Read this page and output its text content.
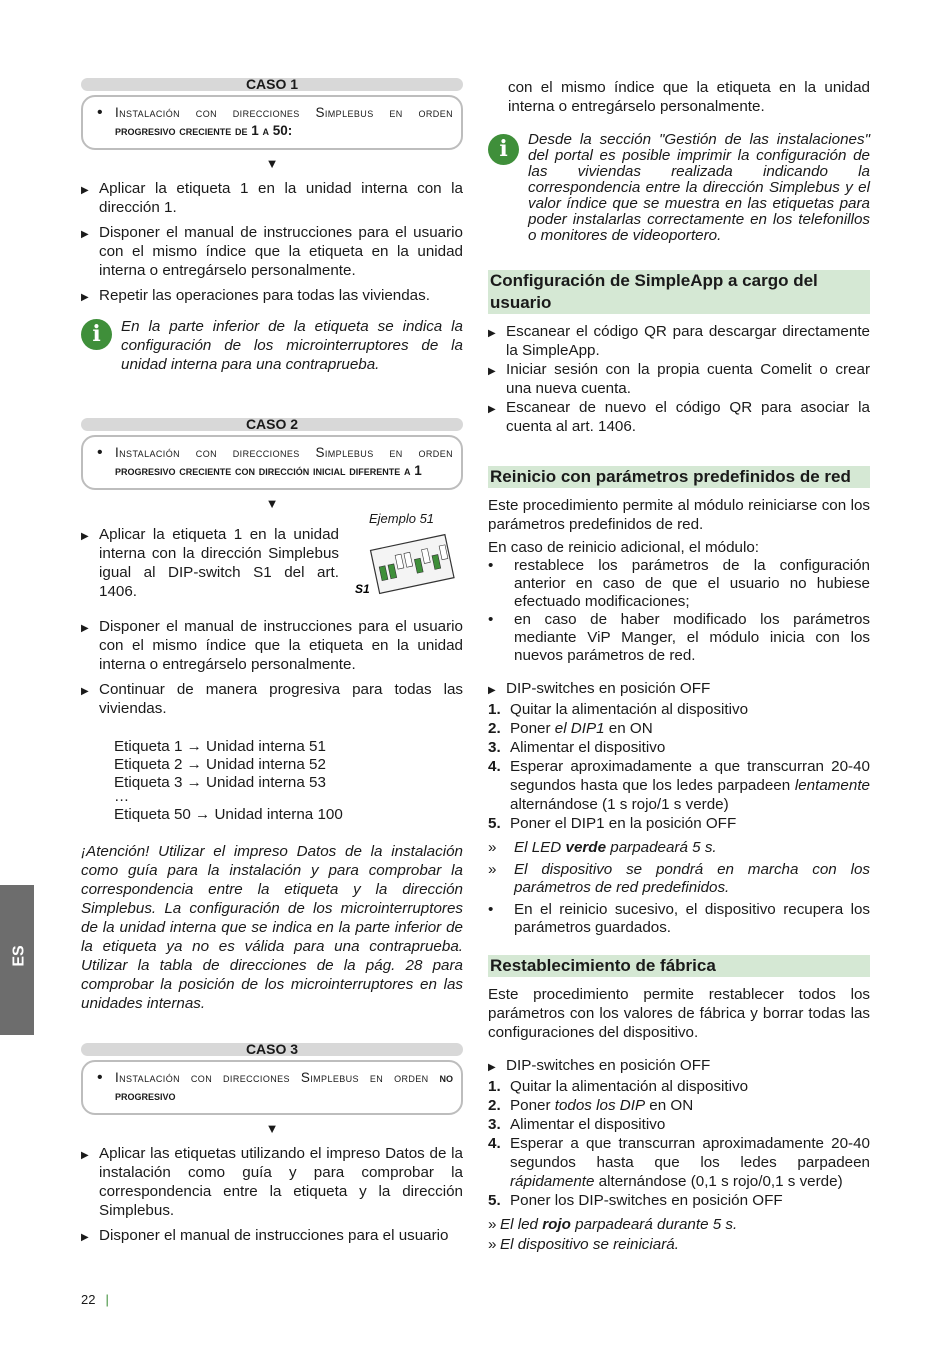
ES
CASO 1
• Instalación con direcciones Simplebus en orden progresivo creciente de 1 a 50:
▼
▶ Aplicar la etiqueta 1 en la unidad interna con la dirección 1.
▶ Disponer el manual de instrucciones para el usuario con el mismo índice que la etiqueta en la unidad interna o entregárselo personalmente.
▶ Repetir las operaciones para todas las viviendas.
i	En la parte inferior de la etiqueta se indica la configuración de los microinterruptores de la unidad interna para una contraprueba.
CASO 2
• Instalación con direcciones Simplebus en orden progresivo creciente con dirección inicial diferente a 1
▼
▶ Aplicar la etiqueta 1 en la unidad interna con la dirección Simplebus igual al DIP-switch S1 del art. 1406.
Ejemplo 51
S1
▶ Disponer el manual de instrucciones para el usuario con el mismo índice que la etiqueta en la unidad interna o entregárselo personalmente.
▶ Continuar de manera progresiva para todas las viviendas.
Etiqueta 1 → Unidad interna 51
Etiqueta 2 → Unidad interna 52
Etiqueta 3 → Unidad interna 53
…
Etiqueta 50 → Unidad interna 100
¡Atención! Utilizar el impreso Datos de la instalación como guía para la instalación y para comprobar la correspondencia entre la etiqueta y la dirección Simplebus. La configuración de los microinterruptores de la unidad interna que se indica en la parte inferior de la etiqueta ya no es válida para una contraprueba. Utilizar la tabla de direcciones de la pág. 28 para comprobar la posición de los microinterruptores en las unidades internas.
CASO 3
• Instalación con direcciones Simplebus en orden no progresivo
▼
▶ Aplicar las etiquetas utilizando el impreso Datos de la instalación como guía y para comprobar la correspondencia entre la etiqueta y la dirección Simplebus.
▶ Disponer el manual de instrucciones para el usuario
con el mismo índice que la etiqueta en la unidad interna o entregárselo personalmente.
i	Desde la sección "Gestión de las instalaciones" del portal es posible imprimir la configuración de las viviendas realizada indicando la correspondencia entre la dirección Simplebus y el valor índice que se muestra en las etiquetas para poder instalarlas correctamente en los telefonillos o monitores de videoportero.
Configuración de SimpleApp a cargo del usuario
▶ Escanear el código QR para descargar directamente la SimpleApp.
▶ Iniciar sesión con la propia cuenta Comelit o crear una nueva cuenta.
▶ Escanear de nuevo el código QR para asociar la cuenta al art. 1406.
Reinicio con parámetros predefinidos de red
Este procedimiento permite al módulo reiniciarse con los parámetros predefinidos de red.
En caso de reinicio adicional, el módulo:
•	restablece los parámetros de la configuración anterior en caso de que el usuario no hubiese efectuado modificaciones;
•	en caso de haber modificado los parámetros mediante ViP Manger, el módulo inicia con los nuevos parámetros de red.
▶ DIP-switches en posición OFF
1. Quitar la alimentación al dispositivo
2. Poner el DIP1 en ON
3. Alimentar el dispositivo
4. Esperar aproximadamente a que transcurran 20-40 segundos hasta que los ledes parpadeen lentamente alternándose (1 s rojo/1 s verde)
5. Poner el DIP1 en la posición OFF
»	El LED verde parpadeará 5 s.
»	El dispositivo se pondrá en marcha con los parámetros de red predefinidos.
•	En el reinicio sucesivo, el dispositivo recupera los parámetros guardados.
Restablecimiento de fábrica
Este procedimiento permite restablecer todos los parámetros con los valores de fábrica y borrar todas las configuraciones del dispositivo.
▶ DIP-switches en posición OFF
1. Quitar la alimentación al dispositivo
2. Poner todos los DIP en ON
3. Alimentar el dispositivo
4. Esperar a que transcurran aproximadamente 20-40 segundos hasta que los ledes parpadeen rápidamente alternándose (0,1 s rojo/0,1 s verde)
5. Poner los DIP-switches en posición OFF
» El led rojo parpadeará durante 5 s.
» El dispositivo se reiniciará.
22 |
